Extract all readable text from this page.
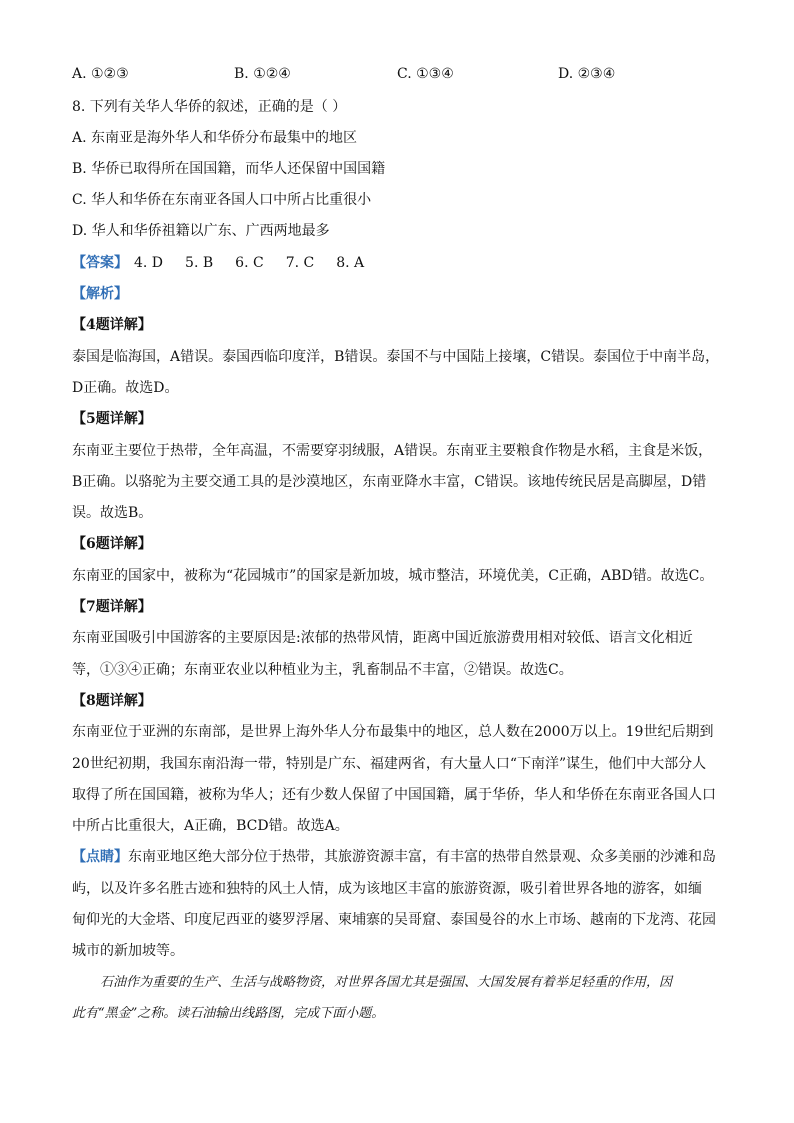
A. ①②③	B. ①②④	C. ①③④	D. ②③④
8. 下列有关华人华侨的叙述，正确的是（ ）
A. 东南亚是海外华人和华侨分布最集中的地区
B. 华侨已取得所在国国籍，而华人还保留中国国籍
C. 华人和华侨在东南亚各国人口中所占比重很小
D. 华人和华侨祖籍以广东、广西两地最多
【答案】 4. D 5. B 6. C 7. C 8. A
【解析】
【4题详解】
泰国是临海国，A错误。泰国西临印度洋，B错误。泰国不与中国陆上接壤，C错误。泰国位于中南半岛，
D正确。故选D。
【5题详解】
东南亚主要位于热带，全年高温，不需要穿羽绒服，A错误。东南亚主要粮食作物是水稻，主食是米饭，
B正确。以骆驼为主要交通工具的是沙漠地区，东南亚降水丰富，C错误。该地传统民居是高脚屋，D错
误。故选B。
【6题详解】
东南亚的国家中，被称为“花园城市”的国家是新加坡，城市整洁，环境优美，C正确，ABD错。故选C。
【7题详解】
东南亚国吸引中国游客的主要原因是:浓郁的热带风情，距离中国近旅游费用相对较低、语言文化相近
等，①③④正确；东南亚农业以种植业为主，乳畜制品不丰富，②错误。故选C。
【8题详解】
东南亚位于亚洲的东南部，是世界上海外华人分布最集中的地区，总人数在2000万以上。19世纪后期到
20世纪初期，我国东南沿海一带，特别是广东、福建两省，有大量人口“下南洋”谋生，他们中大部分人
取得了所在国国籍，被称为华人；还有少数人保留了中国国籍，属于华侨，华人和华侨在东南亚各国人口
中所占比重很大，A正确，BCD错。故选A。
【点睛】东南亚地区绝大部分位于热带，其旅游资源丰富，有丰富的热带自然景观、众多美丽的沙滩和岛
屿，以及许多名胜古迹和独特的风土人情，成为该地区丰富的旅游资源，吸引着世界各地的游客，如缅
甸仰光的大金塔、印度尼西亚的婆罗浮屠、柬埔寨的吴哥窟、泰国曼谷的水上市场、越南的下龙湾、花园
城市的新加坡等。
石油作为重要的生产、生活与战略物资，对世界各国尤其是强国、大国发展有着举足轻重的作用，因
此有“黑金”之称。读石油输出线路图，完成下面小题。
